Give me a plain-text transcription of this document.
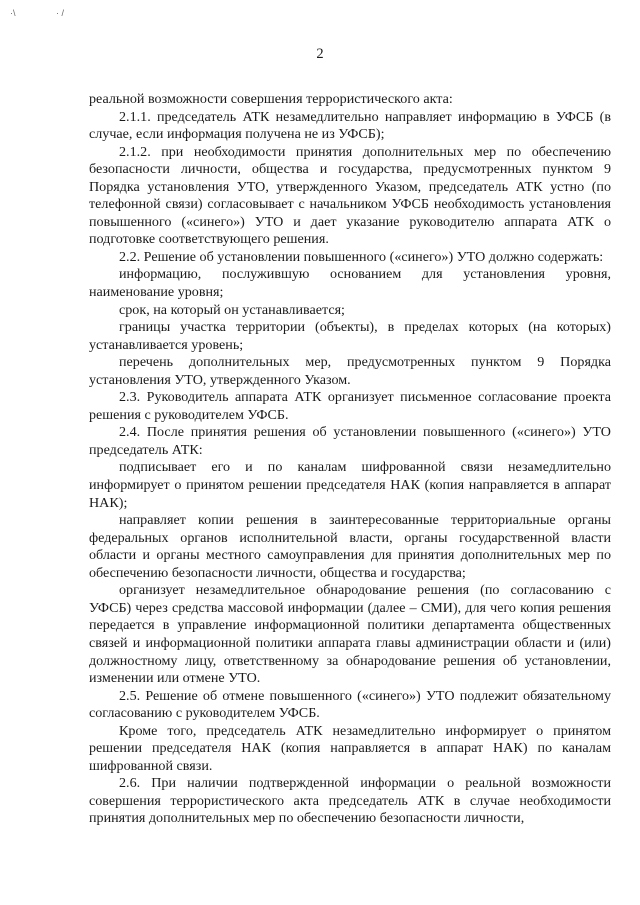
·\	· /
2

реальной возможности совершения террористического акта:

2.1.1. председатель АТК незамедлительно направляет информацию в УФСБ (в случае, если информация получена не из УФСБ);

2.1.2. при необходимости принятия дополнительных мер по обеспечению безопасности личности, общества и государства, предусмотренных пунктом 9 Порядка установления УТО, утвержденного Указом, председатель АТК устно (по телефонной связи) согласовывает с начальником УФСБ необходимость установления повышенного («синего») УТО и дает указание руководителю аппарата АТК о подготовке соответствующего решения.

2.2. Решение об установлении повышенного («синего») УТО должно содержать:

информацию, послужившую основанием для установления уровня, наименование уровня;

срок, на который он устанавливается;

границы участка территории (объекты), в пределах которых (на которых) устанавливается уровень;

перечень дополнительных мер, предусмотренных пунктом 9 Порядка установления УТО, утвержденного Указом.

2.3. Руководитель аппарата АТК организует письменное согласование проекта решения с руководителем УФСБ.

2.4. После принятия решения об установлении повышенного («синего») УТО председатель АТК:

подписывает его и по каналам шифрованной связи незамедлительно информирует о принятом решении председателя НАК (копия направляется в аппарат НАК);

направляет копии решения в заинтересованные территориальные органы федеральных органов исполнительной власти, органы государственной власти области и органы местного самоуправления для принятия дополнительных мер по обеспечению безопасности личности, общества и государства;

организует незамедлительное обнародование решения (по согласованию с УФСБ) через средства массовой информации (далее – СМИ), для чего копия решения передается в управление информационной политики департамента общественных связей и информационной политики аппарата главы администрации области и (или) должностному лицу, ответственному за обнародование решения об установлении, изменении или отмене УТО.

2.5. Решение об отмене повышенного («синего») УТО подлежит обязательному согласованию с руководителем УФСБ.

Кроме того, председатель АТК незамедлительно информирует о принятом решении председателя НАК (копия направляется в аппарат НАК) по каналам шифрованной связи.

2.6. При наличии подтвержденной информации о реальной возможности совершения террористического акта председатель АТК в случае необходимости принятия дополнительных мер по обеспечению безопасности личности,
